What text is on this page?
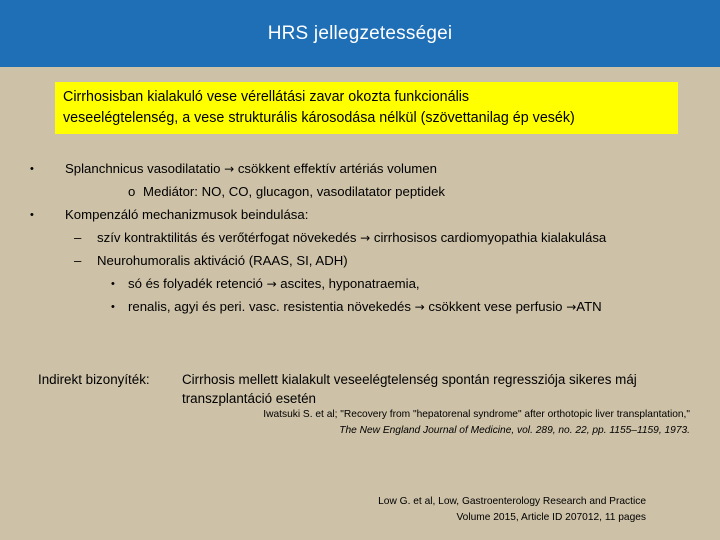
HRS jellegzetességei
Cirrhosisban kialakuló vese vérellátási zavar okozta funkcionális
veseelégtelenség, a vese strukturális károsodása nélkül (szövettanilag ép vesék)
• Splanchnicus vasodilatatio → csökkent effektív artériás volumen
o Mediátor: NO, CO, glucagon, vasodilatator peptidek
• Kompenzáló mechanizmusok beindulása:
– szív kontraktilitás és verőtérfogat növekedés → cirrhosisos cardiomyopathia kialakulása
– Neurohumoralis aktiváció (RAAS, SI, ADH)
• só és folyadék retenció → ascites, hyponatraemia,
• renalis, agyi és peri. vasc. resistentia növekedés → csökkent vese perfusio →ATN
Indirekt bizonyíték: Cirrhosis mellett kialakult veseelégtelenség spontán regressziója sikeres máj
transzplantáció esetén
Iwatsuki S. et al; "Recovery from "hepatorenal syndrome" after orthotopic liver transplantation,"
The New England Journal of Medicine, vol. 289, no. 22, pp. 1155–1159, 1973.
Low G. et al, Low, Gastroenterology Research and Practice
Volume 2015, Article ID 207012, 11 pages
